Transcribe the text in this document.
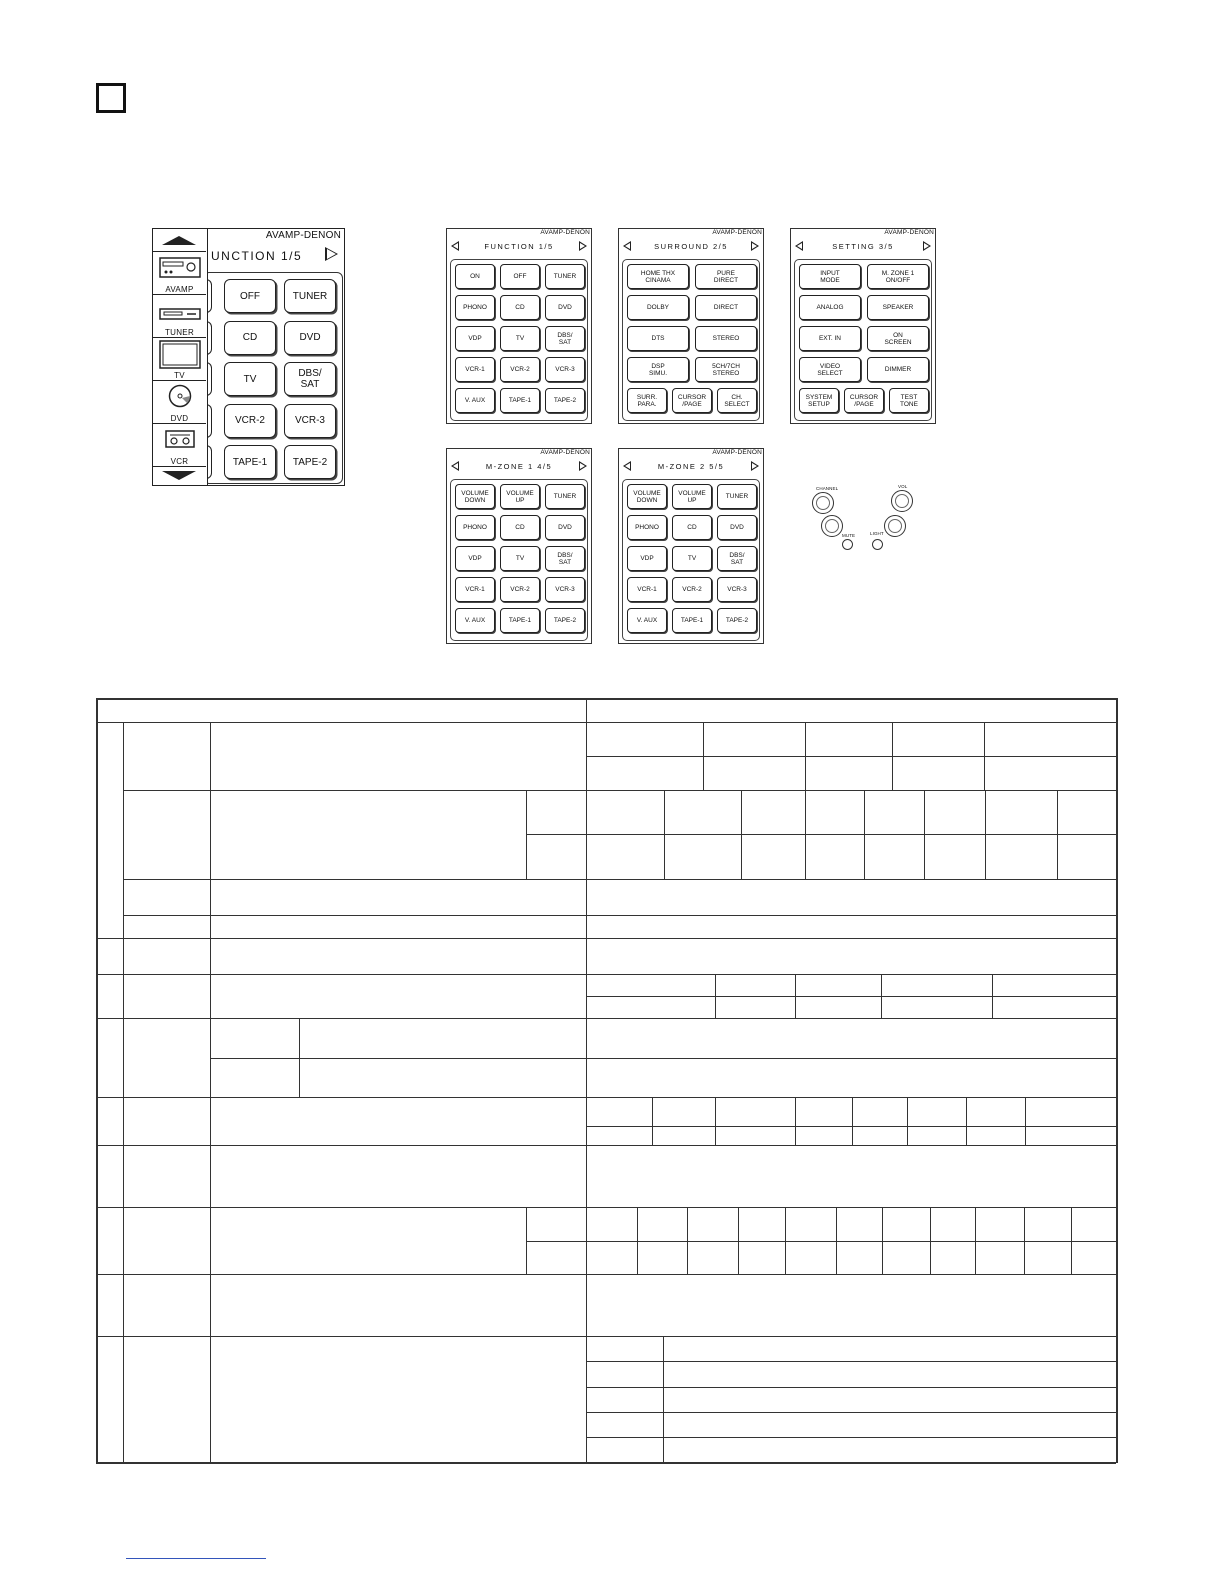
AVAMP-DENON
UNCTION 1/5
OFF	TUNER
CD	DVD
TV	DBS/
SAT
VCR-2	VCR-3
TAPE-1	TAPE-2
AVAMP
TUNER
TV
DVD
VCR
AVAMP-DENON
FUNCTION 1/5
ON	OFF	TUNER
PHONO	CD	DVD
VDP	TV	DBS/
SAT
VCR-1	VCR-2	VCR-3
V. AUX	TAPE-1	TAPE-2
AVAMP-DENON
SURROUND 2/5
HOME THX
CINAMA
PURE
DIRECT
DOLBY	DIRECT
DTS	STEREO
DSP
SIMU.
5CH/7CH
STEREO
SURR.
PARA.
CURSOR
/PAGE
CH.
SELECT
AVAMP-DENON
SETTING 3/5
INPUT
MODE
M. ZONE 1
ON/OFF
ANALOG	SPEAKER
EXT. IN	ON
SCREEN
VIDEO
SELECT	DIMMER
SYSTEM
SETUP
CURSOR
/PAGE
TEST
TONE
AVAMP-DENON
M-ZONE 1 4/5
VOLUME
DOWN
VOLUME
UP	TUNER
PHONO	CD	DVD
VDP	TV	DBS/
SAT
VCR-1	VCR-2	VCR-3
V. AUX	TAPE-1	TAPE-2
AVAMP-DENON
M-ZONE 2 5/5
VOLUME
DOWN
VOLUME
UP	TUNER
PHONO	CD	DVD
VDP	TV	DBS/
SAT
VCR-1	VCR-2	VCR-3
V. AUX	TAPE-1	TAPE-2
CHANNEL
MUTE
VOL
LIGHT
